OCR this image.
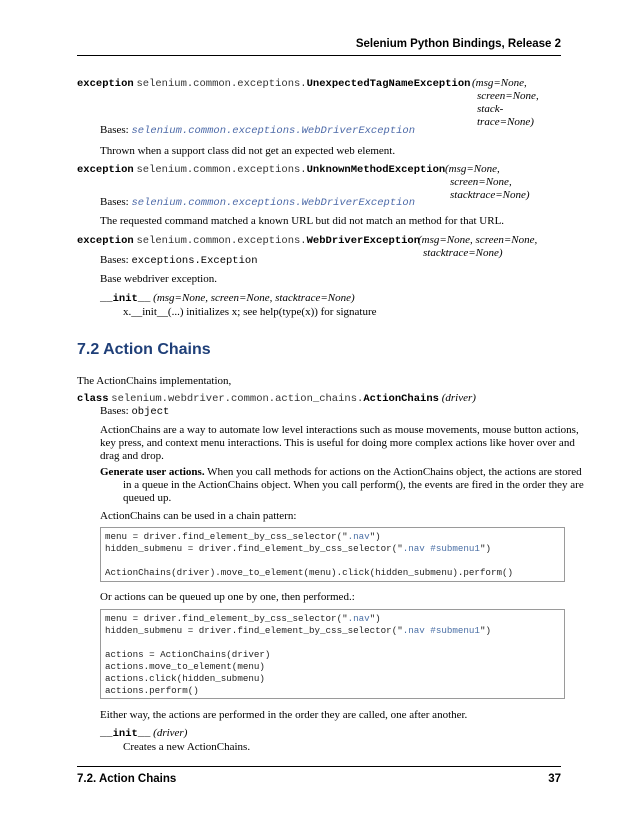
Selenium Python Bindings, Release 2
exception selenium.common.exceptions.UnexpectedTagNameException (msg=None,
screen=None,
stack-
trace=None)
Bases: selenium.common.exceptions.WebDriverException
Thrown when a support class did not get an expected web element.
exception selenium.common.exceptions.UnknownMethodException (msg=None,
screen=None,
stacktrace=None)
Bases: selenium.common.exceptions.WebDriverException
The requested command matched a known URL but did not match an method for that URL.
exception selenium.common.exceptions.WebDriverException
(msg=None, screen=None,
stacktrace=None)
Bases: exceptions.Exception
Base webdriver exception.
__init__ (msg=None, screen=None, stacktrace=None)
x.__init__(...) initializes x; see help(type(x)) for signature
7.2 Action Chains
The ActionChains implementation,
class selenium.webdriver.common.action_chains.ActionChains (driver)
Bases: object
ActionChains are a way to automate low level interactions such as mouse movements, mouse button actions,
key press, and context menu interactions. This is useful for doing more complex actions like hover over and
drag and drop.
Generate user actions. When you call methods for actions on the ActionChains object, the actions are stored
in a queue in the ActionChains object. When you call perform(), the events are fired in the order they are
queued up.
ActionChains can be used in a chain pattern:
menu = driver.find_element_by_css_selector(".nav")
hidden_submenu = driver.find_element_by_css_selector(".nav #submenu1")
ActionChains(driver).move_to_element(menu).click(hidden_submenu).perform()
Or actions can be queued up one by one, then performed.:
menu = driver.find_element_by_css_selector(".nav")
hidden_submenu = driver.find_element_by_css_selector(".nav #submenu1")
actions = ActionChains(driver)
actions.move_to_element(menu)
actions.click(hidden_submenu)
actions.perform()
Either way, the actions are performed in the order they are called, one after another.
__init__ (driver)
Creates a new ActionChains.
7.2. Action Chains	37
